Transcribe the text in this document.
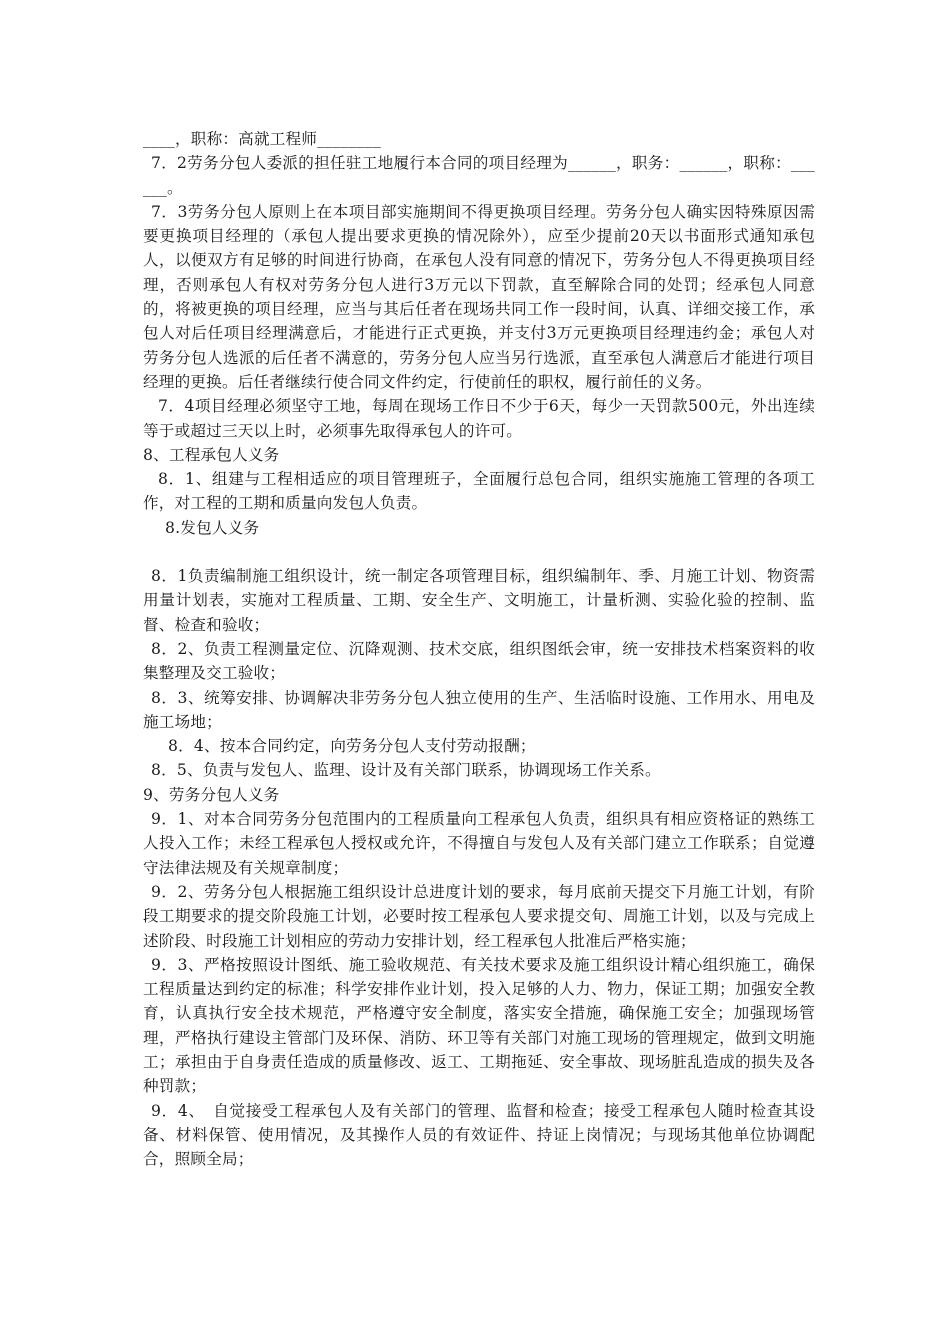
____，职称：高就工程师________

7．2劳务分包人委派的担任驻工地履行本合同的项目经理为______，职务：______，职称：______。

7．3劳务分包人原则上在本项目部实施期间不得更换项目经理。劳务分包人确实因特殊原因需要更换项目经理的（承包人提出要求更换的情况除外），应至少提前20天以书面形式通知承包人，以便双方有足够的时间进行协商，在承包人没有同意的情况下，劳务分包人不得更换项目经理，否则承包人有权对劳务分包人进行3万元以下罚款，直至解除合同的处罚；经承包人同意的，将被更换的项目经理，应当与其后任者在现场共同工作一段时间，认真、详细交接工作，承包人对后任项目经理满意后，才能进行正式更换，并支付3万元更换项目经理违约金；承包人对劳务分包人选派的后任者不满意的，劳务分包人应当另行选派，直至承包人满意后才能进行项目经理的更换。后任者继续行使合同文件约定，行使前任的职权，履行前任的义务。

7．4项目经理必须坚守工地，每周在现场工作日不少于6天，每少一天罚款500元，外出连续等于或超过三天以上时，必须事先取得承包人的许可。

8、工程承包人义务

8．1、组建与工程相适应的项目管理班子，全面履行总包合同，组织实施施工管理的各项工作，对工程的工期和质量向发包人负责。

8.发包人义务

8．1负责编制施工组织设计，统一制定各项管理目标，组织编制年、季、月施工计划、物资需用量计划表，实施对工程质量、工期、安全生产、文明施工，计量析测、实验化验的控制、监督、检查和验收；

8．2、负责工程测量定位、沉降观测、技术交底，组织图纸会审，统一安排技术档案资料的收集整理及交工验收；

8．3、统筹安排、协调解决非劳务分包人独立使用的生产、生活临时设施、工作用水、用电及施工场地；

8．4、按本合同约定，向劳务分包人支付劳动报酬；

8．5、负责与发包人、监理、设计及有关部门联系，协调现场工作关系。

9、劳务分包人义务

9．1、对本合同劳务分包范围内的工程质量向工程承包人负责，组织具有相应资格证的熟练工人投入工作；未经工程承包人授权或允许，不得擅自与发包人及有关部门建立工作联系；自觉遵守法律法规及有关规章制度；

9．2、劳务分包人根据施工组织设计总进度计划的要求，每月底前天提交下月施工计划，有阶段工期要求的提交阶段施工计划，必要时按工程承包人要求提交旬、周施工计划，以及与完成上述阶段、时段施工计划相应的劳动力安排计划，经工程承包人批准后严格实施；

9．3、严格按照设计图纸、施工验收规范、有关技术要求及施工组织设计精心组织施工，确保工程质量达到约定的标准；科学安排作业计划，投入足够的人力、物力，保证工期；加强安全教育，认真执行安全技术规范，严格遵守安全制度，落实安全措施，确保施工安全；加强现场管理，严格执行建设主管部门及环保、消防、环卫等有关部门对施工现场的管理规定，做到文明施工；承担由于自身责任造成的质量修改、返工、工期拖延、安全事故、现场脏乱造成的损失及各种罚款；

9．4、　自觉接受工程承包人及有关部门的管理、监督和检查；接受工程承包人随时检查其设备、材料保管、使用情况，及其操作人员的有效证件、持证上岗情况；与现场其他单位协调配合，照顾全局；
